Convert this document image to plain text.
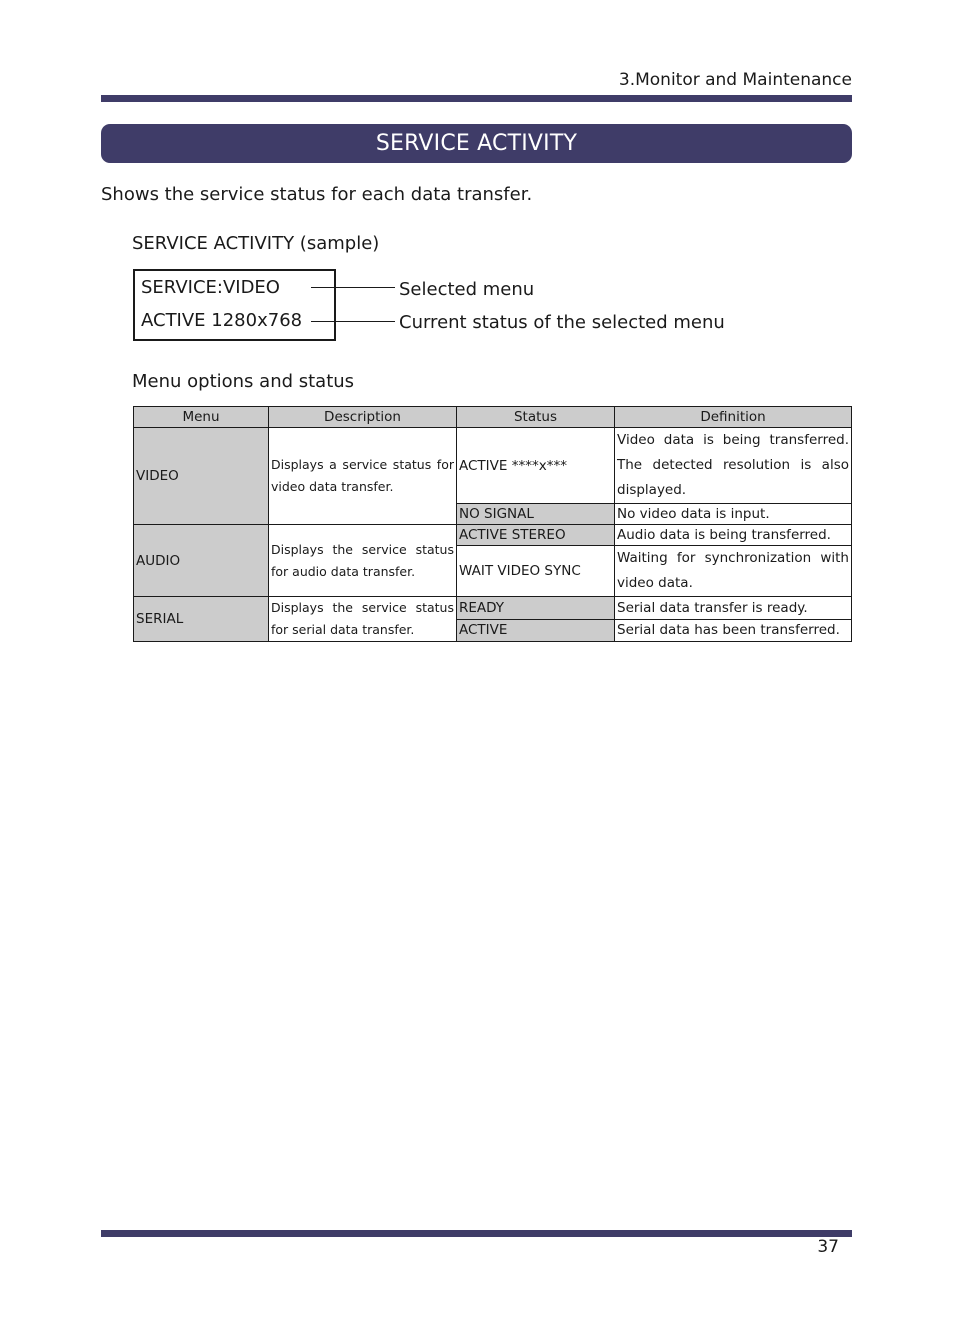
3.Monitor and Maintenance
SERVICE ACTIVITY
Shows the service status for each data transfer.
SERVICE ACTIVITY (sample)
SERVICE:VIDEO
ACTIVE 1280x768
Selected menu
Current status of the selected menu
Menu options and status
Menu	Description	Status	Definition
VIDEO	Displays a service status for video data transfer.	ACTIVE ****x***	Video data is being transferred. The detected resolution is also displayed.
		NO SIGNAL	No video data is input.
AUDIO	Displays the service status for audio data transfer.	ACTIVE STEREO	Audio data is being transferred.
		WAIT VIDEO SYNC	Waiting for synchronization with video data.
SERIAL	Displays the service status for serial data transfer.	READY	Serial data transfer is ready.
		ACTIVE	Serial data has been transferred.
37
